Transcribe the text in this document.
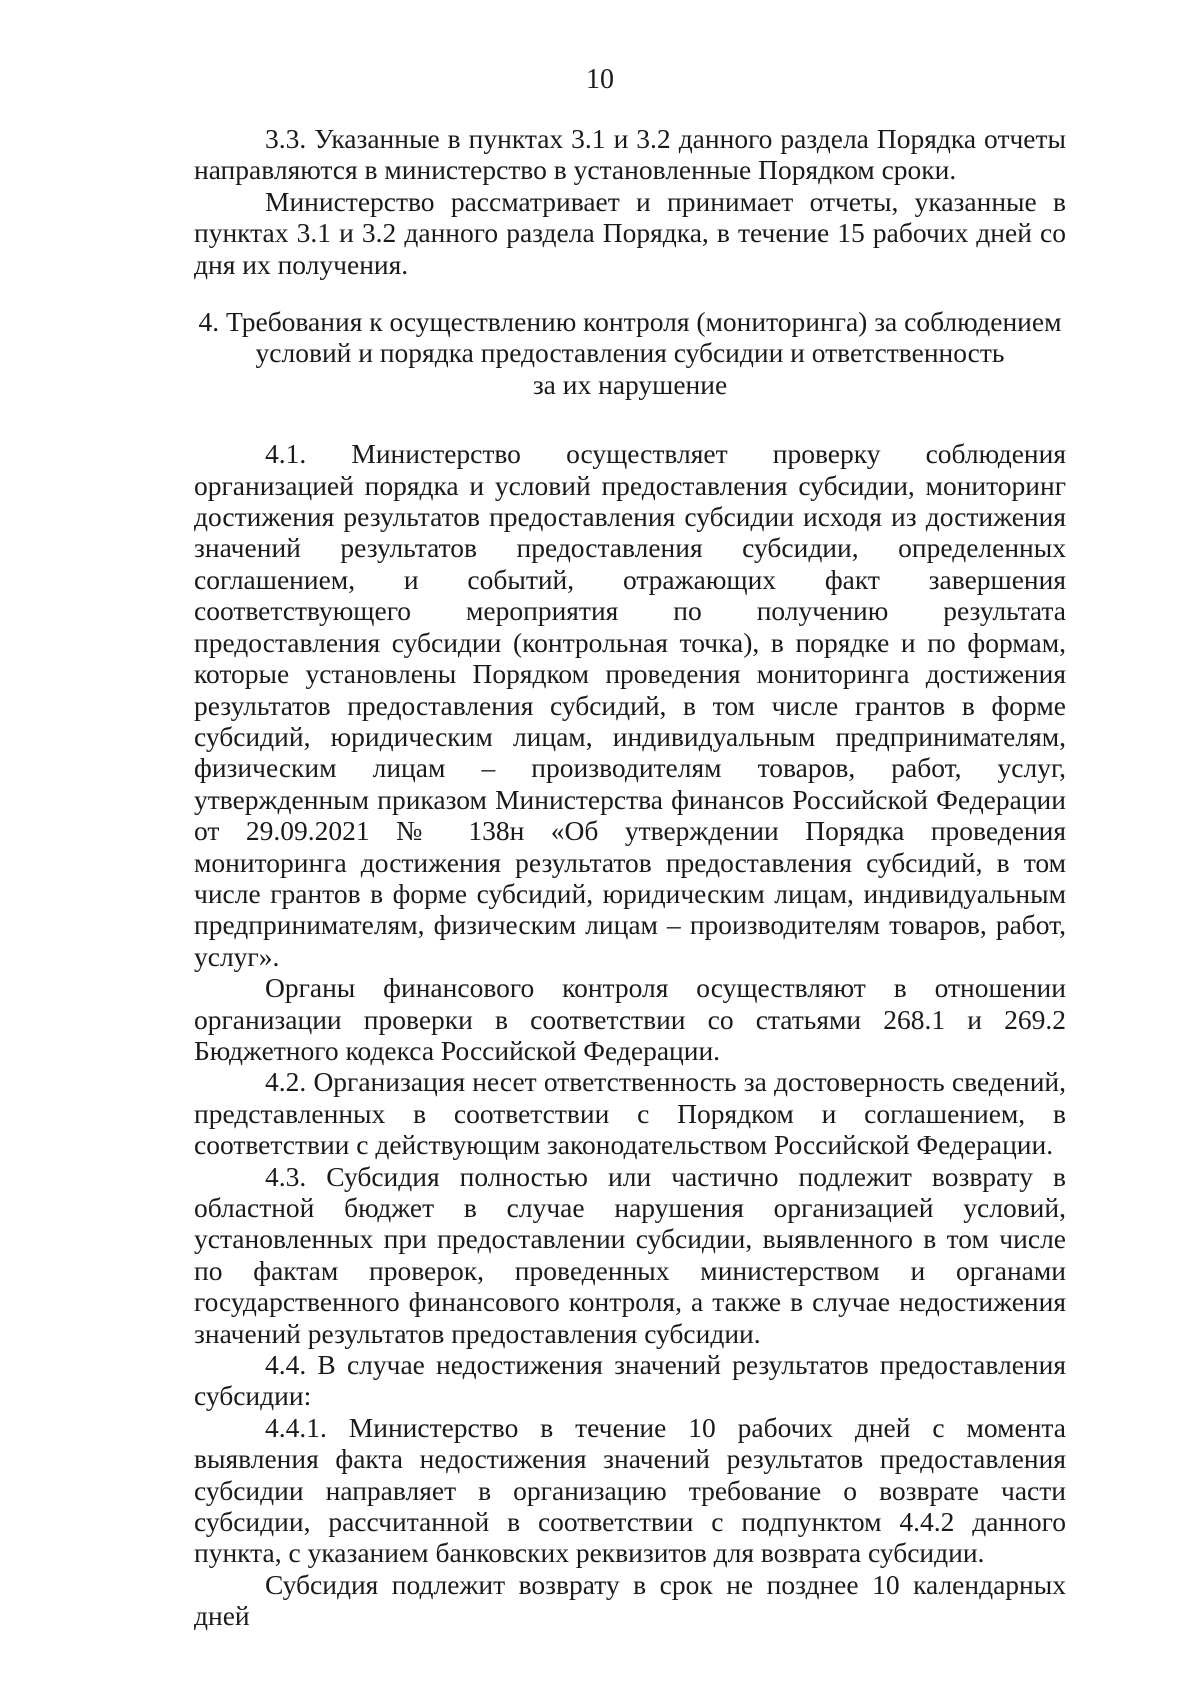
10

3.3. Указанные в пунктах 3.1 и 3.2 данного раздела Порядка отчеты направляются в министерство в установленные Порядком сроки.

Министерство рассматривает и принимает отчеты, указанные в пунктах 3.1 и 3.2 данного раздела Порядка, в течение 15 рабочих дней со дня их получения.

4. Требования к осуществлению контроля (мониторинга) за соблюдением
условий и порядка предоставления субсидии и ответственность
за их нарушение

4.1. Министерство осуществляет проверку соблюдения организацией порядка и условий предоставления субсидии, мониторинг достижения результатов предоставления субсидии исходя из достижения значений результатов предоставления субсидии, определенных соглашением, и событий, отражающих факт завершения соответствующего мероприятия по получению результата предоставления субсидии (контрольная точка), в порядке и по формам, которые установлены Порядком проведения мониторинга достижения результатов предоставления субсидий, в том числе грантов в форме субсидий, юридическим лицам, индивидуальным предпринимателям, физическим лицам – производителям товаров, работ, услуг, утвержденным приказом Министерства финансов Российской Федерации от 29.09.2021 № 138н «Об утверждении Порядка проведения мониторинга достижения результатов предоставления субсидий, в том числе грантов в форме субсидий, юридическим лицам, индивидуальным предпринимателям, физическим лицам – производителям товаров, работ, услуг».

Органы финансового контроля осуществляют в отношении организации проверки в соответствии со статьями 268.1 и 269.2 Бюджетного кодекса Российской Федерации.

4.2. Организация несет ответственность за достоверность сведений, представленных в соответствии с Порядком и соглашением, в соответствии с действующим законодательством Российской Федерации.

4.3. Субсидия полностью или частично подлежит возврату в областной бюджет в случае нарушения организацией условий, установленных при предоставлении субсидии, выявленного в том числе по фактам проверок, проведенных министерством и органами государственного финансового контроля, а также в случае недостижения значений результатов предоставления субсидии.

4.4. В случае недостижения значений результатов предоставления субсидии:

4.4.1. Министерство в течение 10 рабочих дней с момента выявления факта недостижения значений результатов предоставления субсидии направляет в организацию требование о возврате части субсидии, рассчитанной в соответствии с подпунктом 4.4.2 данного пункта, с указанием банковских реквизитов для возврата субсидии.

Субсидия подлежит возврату в срок не позднее 10 календарных дней
